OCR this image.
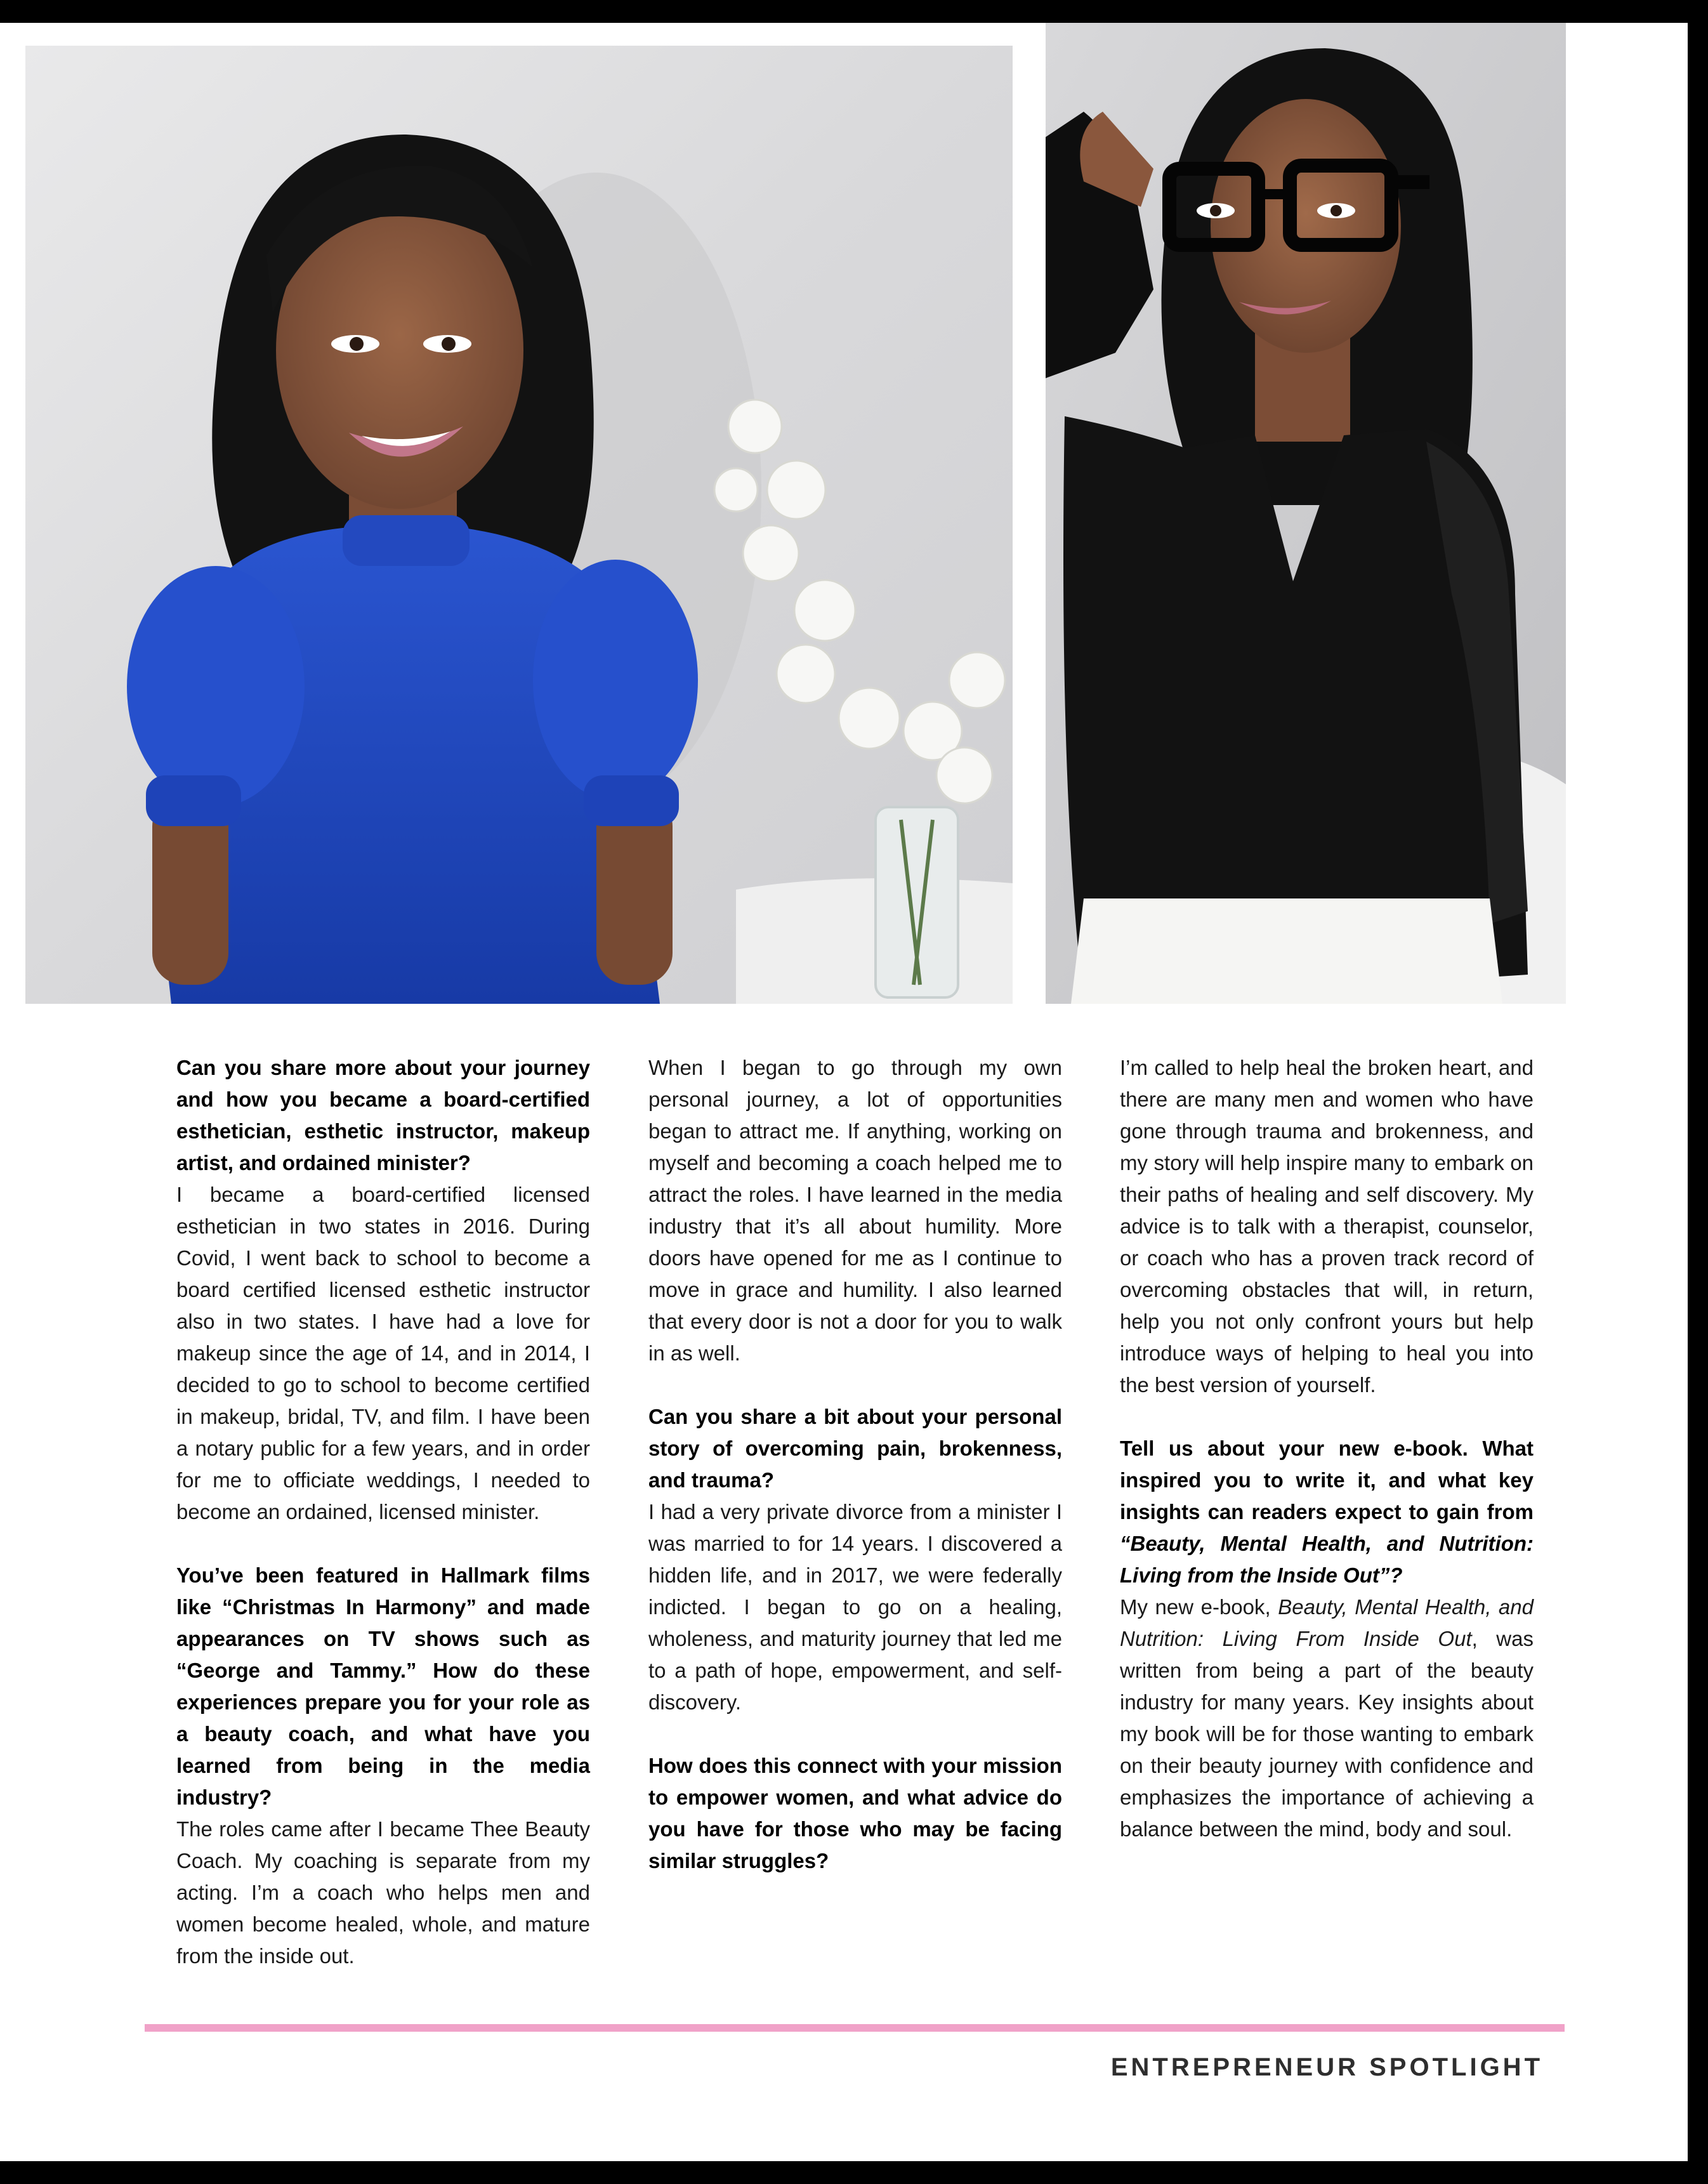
Can you share more about your journey and how you became a board-certified esthetician, esthetic instructor, makeup artist, and ordained minister?

I became a board-certified licensed esthetician in two states in 2016. During Covid, I went back to school to become a board certified licensed esthetic instructor also in two states. I have had a love for makeup since the age of 14, and in 2014, I decided to go to school to become certified in makeup, bridal, TV, and film. I have been a notary public for a few years, and in order for me to officiate weddings, I needed to become an ordained, licensed minister.

You’ve been featured in Hallmark films like “Christmas In Harmony” and made appearances on TV shows such as “George and Tammy.” How do these experiences prepare you for your role as a beauty coach, and what have you learned from being in the media industry?

The roles came after I became Thee Beauty Coach. My coaching is separate from my acting. I’m a coach who helps men and women become healed, whole, and mature from the inside out.

When I began to go through my own personal journey, a lot of opportunities began to attract me. If anything, working on myself and becoming a coach helped me to attract the roles. I have learned in the media industry that it’s all about humility. More doors have opened for me as I continue to move in grace and humility. I also learned that every door is not a door for you to walk in as well.

Can you share a bit about your personal story of overcoming pain, brokenness, and trauma?

I had a very private divorce from a minister I was married to for 14 years. I discovered a hidden life, and in 2017, we were federally indicted. I began to go on a healing, wholeness, and maturity journey that led me to a path of hope, empowerment, and self- discovery.

How does this connect with your mission to empower women, and what advice do you have for those who may be facing similar struggles?

I’m called to help heal the broken heart, and there are many men and women who have gone through trauma and brokenness, and my story will help inspire many to embark on their paths of healing and self discovery. My advice is to talk with a therapist, counselor, or coach who has a proven track record of overcoming obstacles that will, in return, help you not only confront yours but help introduce ways of helping to heal you into the best version of yourself.

Tell us about your new e-book. What inspired you to write it, and what key insights can readers expect to gain from “Beauty, Mental Health, and Nutrition: Living from the Inside Out”?

My new e-book, Beauty, Mental Health, and Nutrition: Living From Inside Out, was written from being a part of the beauty industry for many years. Key insights about my book will be for those wanting to embark on their beauty journey with confidence and emphasizes the importance of achieving a balance between the mind, body and soul.

ENTREPRENEUR SPOTLIGHT
